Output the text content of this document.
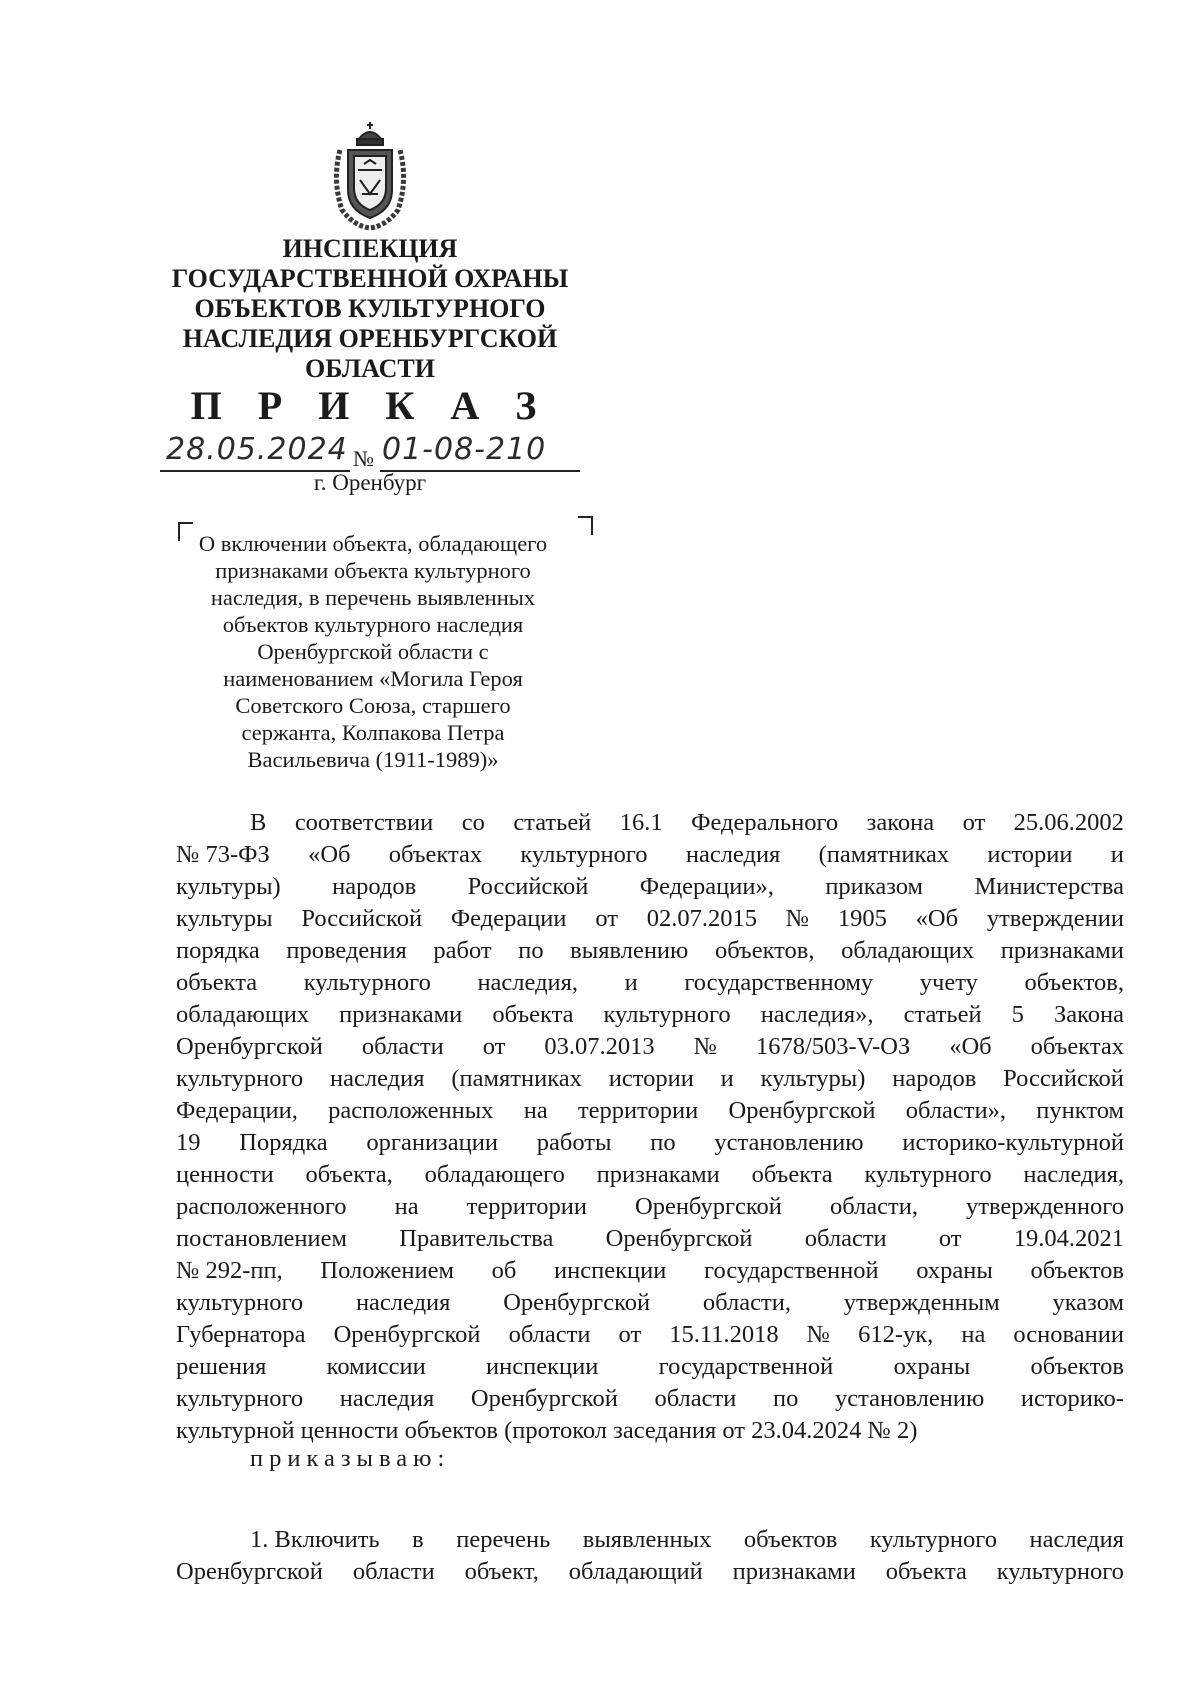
ИНСПЕКЦИЯ
ГОСУДАРСТВЕННОЙ ОХРАНЫ
ОБЪЕКТОВ КУЛЬТУРНОГО
НАСЛЕДИЯ ОРЕНБУРГСКОЙ
ОБЛАСТИ
П Р И К А З
28.05.2024 № 01-08-210
г. Оренбург
О включении объекта, обладающего
признаками объекта культурного
наследия, в перечень выявленных
объектов культурного наследия
Оренбургской области с
наименованием «Могила Героя
Советского Союза, старшего
сержанта, Колпакова Петра
Васильевича (1911-1989)»
В соответствии со статьей 16.1 Федерального закона от 25.06.2002
№ 73-ФЗ «Об объектах культурного наследия (памятниках истории и
культуры) народов Российской Федерации», приказом Министерства
культуры Российской Федерации от 02.07.2015 № 1905 «Об утверждении
порядка проведения работ по выявлению объектов, обладающих признаками
объекта культурного наследия, и государственному учету объектов,
обладающих признаками объекта культурного наследия», статьей 5 Закона
Оренбургской области от 03.07.2013 № 1678/503-V-ОЗ «Об объектах
культурного наследия (памятниках истории и культуры) народов Российской
Федерации, расположенных на территории Оренбургской области», пунктом
19 Порядка организации работы по установлению историко-культурной
ценности объекта, обладающего признаками объекта культурного наследия,
расположенного на территории Оренбургской области, утвержденного
постановлением Правительства Оренбургской области от 19.04.2021
№ 292-пп, Положением об инспекции государственной охраны объектов
культурного наследия Оренбургской области, утвержденным указом
Губернатора Оренбургской области от 15.11.2018 № 612-ук, на основании
решения комиссии инспекции государственной охраны объектов
культурного наследия Оренбургской области по установлению историко-
культурной ценности объектов (протокол заседания от 23.04.2024 № 2)
приказываю:
1. Включить в перечень выявленных объектов культурного наследия
Оренбургской области объект, обладающий признаками объекта культурного
